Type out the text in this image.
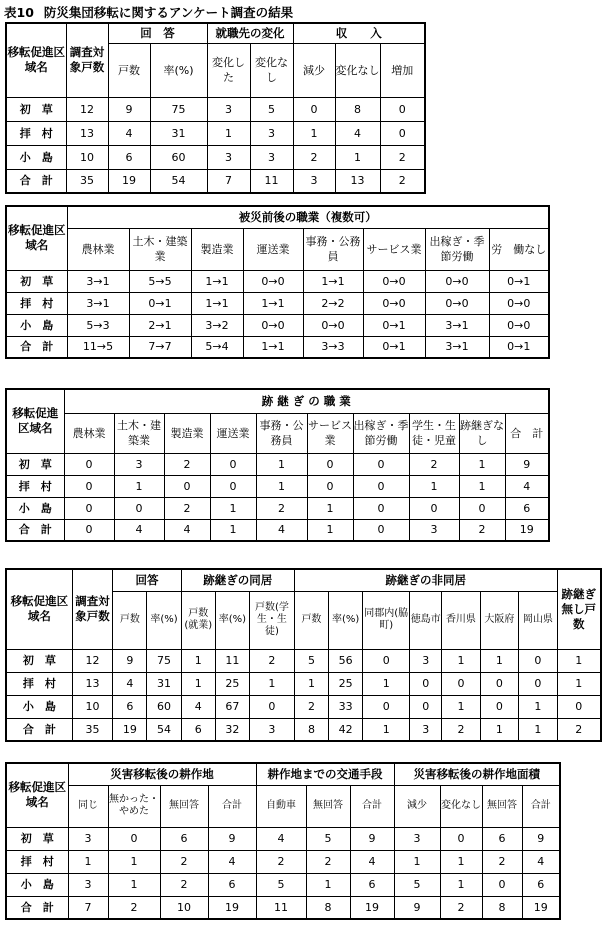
表10 防災集団移転に関するアンケート調査の結果
移転促進区域名	調査対象戸数	回　答		就職先の変化		収　　入		
		戸数	率(%)	変化した	変化なし	減少	変化なし	増加
初　草	12	9	75	3	5	0	8	0
拝　村	13	4	31	1	3	1	4	0
小　島	10	6	60	3	3	2	1	2
合　計	35	19	54	7	11	3	13	2
移転促進区域名	被災前後の職業（複数可）							
	農林業	土木・建築業	製造業	運送業	事務・公務員	サービス業	出稼ぎ・季節労働	労　働なし
初　草	3→1	5→5	1→1	0→0	1→1	0→0	0→0	0→1
拝　村	3→1	0→1	1→1	1→1	2→2	0→0	0→0	0→0
小　島	5→3	2→1	3→2	0→0	0→0	0→1	3→1	0→0
合　計	11→5	7→7	5→4	1→1	3→3	0→1	3→1	0→1
移転促進区域名	跡 継 ぎ の 職 業									
	農林業	土木・建築業	製造業	運送業	事務・公務員	サービス業	出稼ぎ・季節労働	学生・生徒・児童	跡継ぎなし	合　計
初　草	0	3	2	0	1	0	0	2	1	9
拝　村	0	1	0	0	1	0	0	1	1	4
小　島	0	0	2	1	2	1	0	0	0	6
合　計	0	4	4	1	4	1	0	3	2	19
移転促進区域名	調査対象戸数	回答		跡継ぎの同居			跡継ぎの非同居							跡継ぎ無し戸数
		戸数	率(%)	戸数(就業)	率(%)	戸数(学生・生徒)	戸数	率(%)	同郡内(脇町)	徳島市	香川県	大阪府	岡山県	
初　草	12	9	75	1	11	2	5	56	0	3	1	1	0	1
拝　村	13	4	31	1	25	1	1	25	1	0	0	0	0	1
小　島	10	6	60	4	67	0	2	33	0	0	1	0	1	0
合　計	35	19	54	6	32	3	8	42	1	3	2	1	1	2
移転促進区域名	災害移転後の耕作地				耕作地までの交通手段			災害移転後の耕作地面積			
	同じ	無かった・やめた	無回答	合計	自動車	無回答	合計	減少	変化なし	無回答	合計
初　草	3	0	6	9	4	5	9	3	0	6	9
拝　村	1	1	2	4	2	2	4	1	1	2	4
小　島	3	1	2	6	5	1	6	5	1	0	6
合　計	7	2	10	19	11	8	19	9	2	8	19
